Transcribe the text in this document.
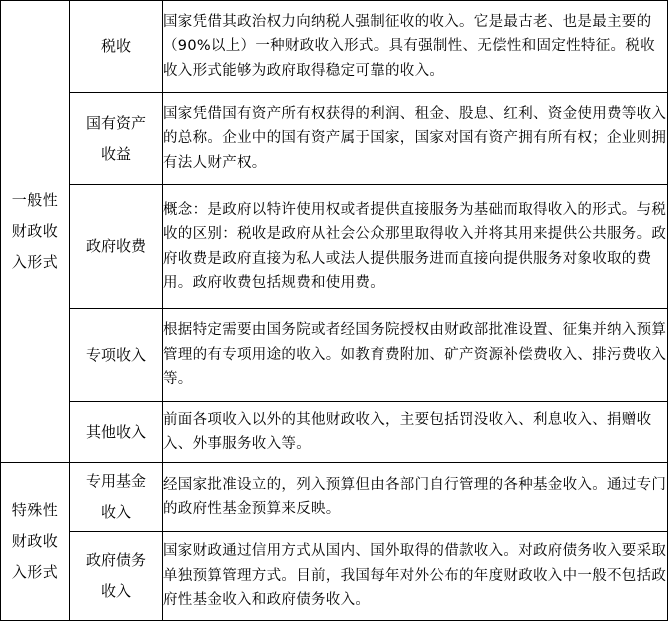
一般性财政收入形式	税收	国家凭借其政治权力向纳税人强制征收的收入。它是最古老、也是最主要的（90%以上）一种财政收入形式。具有强制性、无偿性和固定性特征。税收收入形式能够为政府取得稳定可靠的收入。

	国有资产收益	国家凭借国有资产所有权获得的利润、租金、股息、红利、资金使用费等收入的总称。企业中的国有资产属于国家，国家对国有资产拥有所有权；企业则拥有法人财产权。

	政府收费	概念：是政府以特许使用权或者提供直接服务为基础而取得收入的形式。与税收的区别：税收是政府从社会公众那里取得收入并将其用来提供公共服务。政府收费是政府直接为私人或法人提供服务进而直接向提供服务对象收取的费用。政府收费包括规费和使用费。

	专项收入	根据特定需要由国务院或者经国务院授权由财政部批准设置、征集并纳入预算管理的有专项用途的收入。如教育费附加、矿产资源补偿费收入、排污费收入等。

	其他收入	前面各项收入以外的其他财政收入，主要包括罚没收入、利息收入、捐赠收入、外事服务收入等。

特殊性财政收入形式	专用基金收入	经国家批准设立的，列入预算但由各部门自行管理的各种基金收入。通过专门的政府性基金预算来反映。

	政府债务收入	国家财政通过信用方式从国内、国外取得的借款收入。对政府债务收入要采取单独预算管理方式。目前，我国每年对外公布的年度财政收入中一般不包括政府性基金收入和政府债务收入。
